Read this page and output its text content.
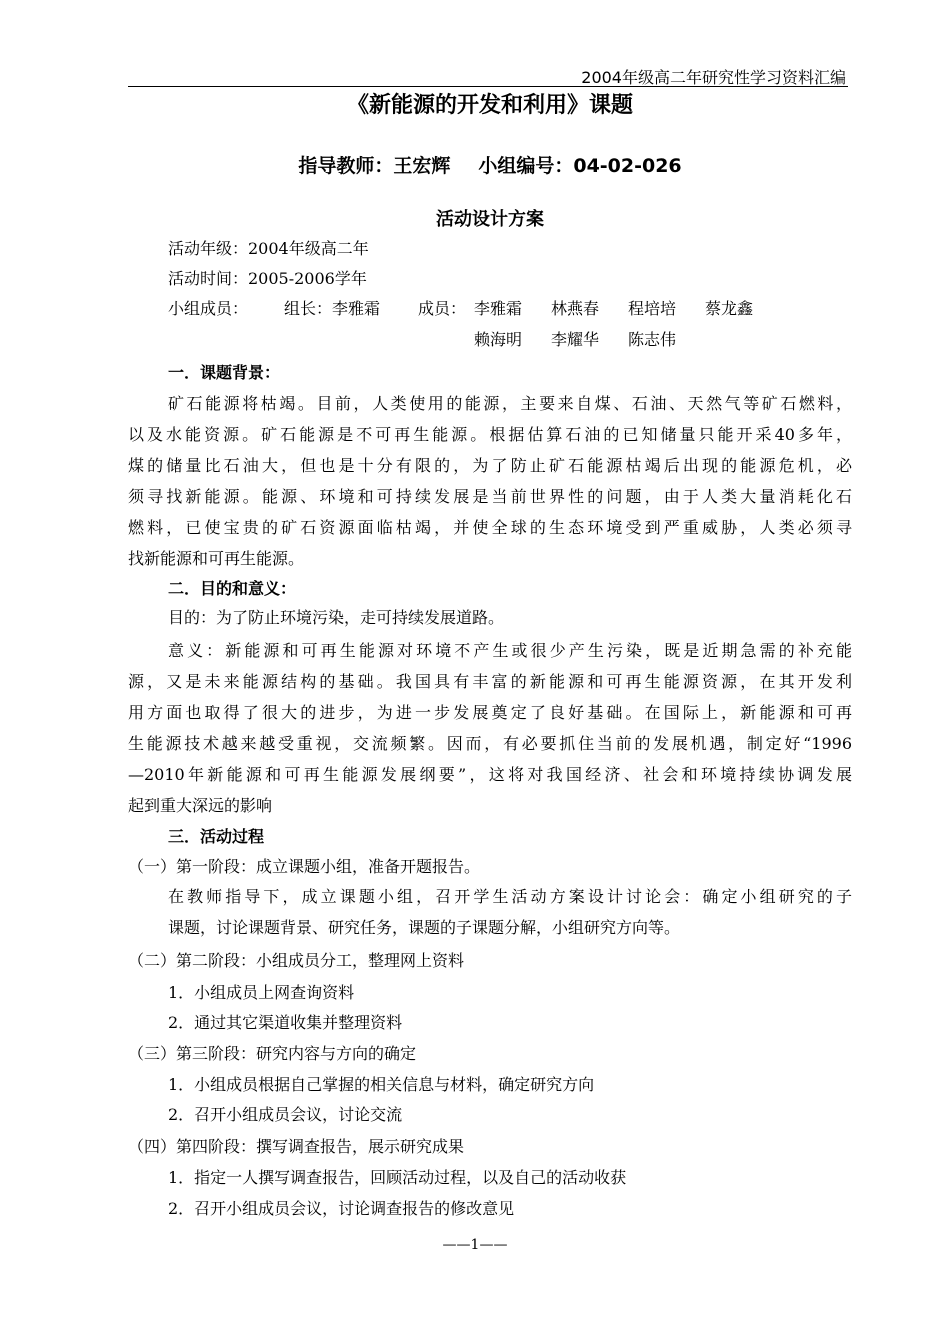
2004年级高二年研究性学习资料汇编
《新能源的开发和利用》课题
指导教师：王宏辉 小组编号：04-02-026
活动设计方案
活动年级：2004年级高二年
活动时间：2005-2006学年
小组成员： 组长：李雅霜 成员： 李雅霜 林燕春 程培培 蔡龙鑫
赖海明 李耀华 陈志伟
一．课题背景：
矿石能源将枯竭。目前，人类使用的能源，主要来自煤、石油、天然气等矿石燃料，
以及水能资源。矿石能源是不可再生能源。根据估算石油的已知储量只能开采40多年，
煤的储量比石油大，但也是十分有限的，为了防止矿石能源枯竭后出现的能源危机，必
须寻找新能源。能源、环境和可持续发展是当前世界性的问题，由于人类大量消耗化石
燃料，已使宝贵的矿石资源面临枯竭，并使全球的生态环境受到严重威胁，人类必须寻
找新能源和可再生能源。
二．目的和意义：
目的：为了防止环境污染，走可持续发展道路。
意义：新能源和可再生能源对环境不产生或很少产生污染，既是近期急需的补充能
源，又是未来能源结构的基础。我国具有丰富的新能源和可再生能源资源，在其开发利
用方面也取得了很大的进步，为进一步发展奠定了良好基础。在国际上，新能源和可再
生能源技术越来越受重视，交流频繁。因而，有必要抓住当前的发展机遇，制定好“1996
—2010年新能源和可再生能源发展纲要”，这将对我国经济、社会和环境持续协调发展
起到重大深远的影响
三．活动过程
（一）第一阶段：成立课题小组，准备开题报告。
在教师指导下，成立课题小组，召开学生活动方案设计讨论会：确定小组研究的子
课题，讨论课题背景、研究任务，课题的子课题分解，小组研究方向等。
（二）第二阶段：小组成员分工，整理网上资料
1．小组成员上网查询资料
2．通过其它渠道收集并整理资料
（三）第三阶段：研究内容与方向的确定
1．小组成员根据自己掌握的相关信息与材料，确定研究方向
2．召开小组成员会议，讨论交流
（四）第四阶段：撰写调查报告，展示研究成果
1．指定一人撰写调查报告，回顾活动过程，以及自己的活动收获
2．召开小组成员会议，讨论调查报告的修改意见
——1——
